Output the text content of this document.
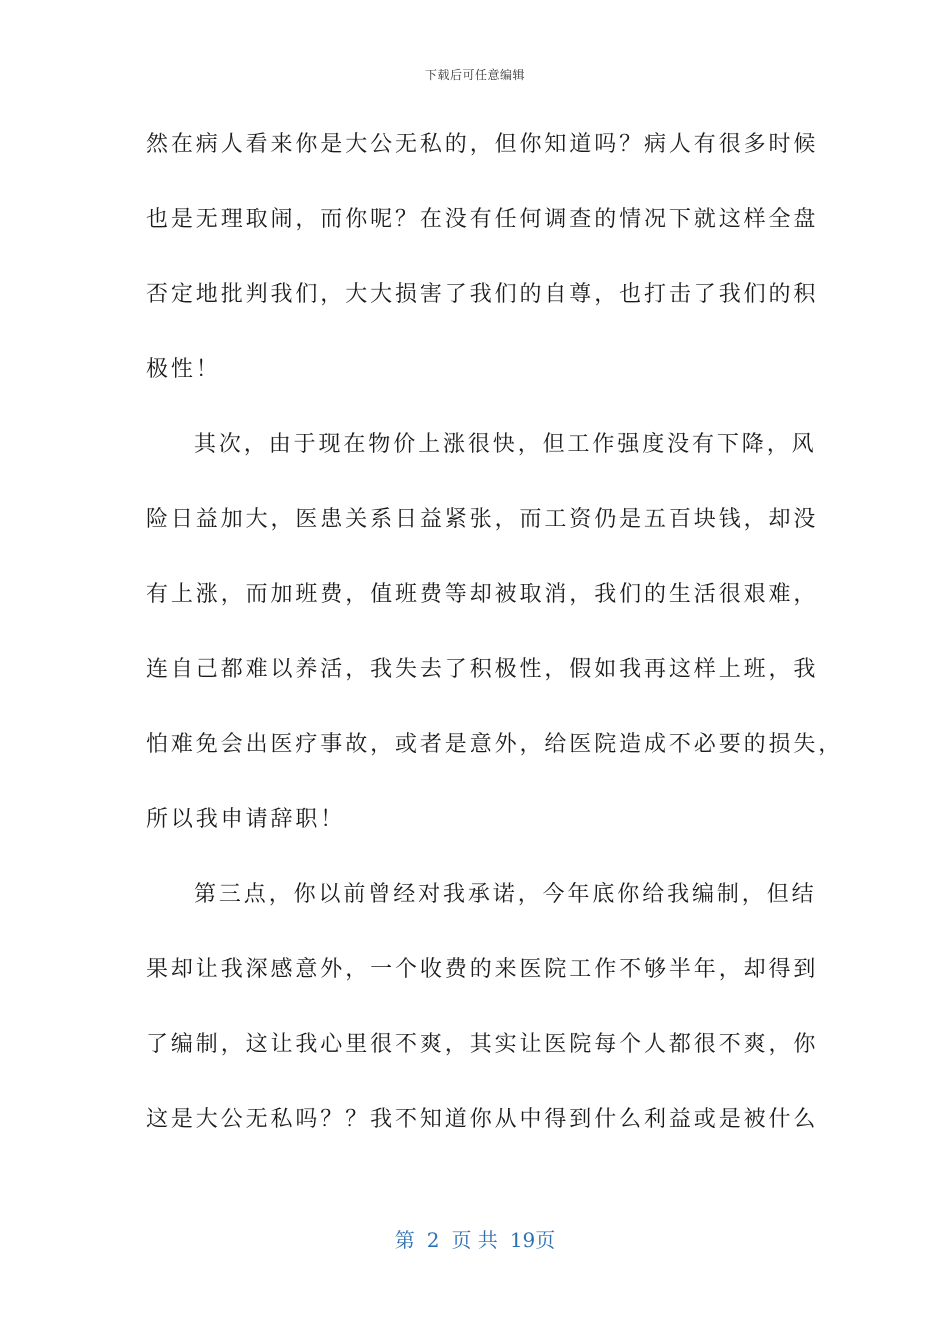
下载后可任意编辑
然在病人看来你是大公无私的，但你知道吗？病人有很多时候
也是无理取闹，而你呢？在没有任何调查的情况下就这样全盘
否定地批判我们，大大损害了我们的自尊，也打击了我们的积
极性！
其次，由于现在物价上涨很快，但工作强度没有下降，风
险日益加大，医患关系日益紧张，而工资仍是五百块钱，却没
有上涨，而加班费，值班费等却被取消，我们的生活很艰难，
连自己都难以养活，我失去了积极性，假如我再这样上班，我
怕难免会出医疗事故，或者是意外，给医院造成不必要的损失，
所以我申请辞职！
第三点，你以前曾经对我承诺，今年底你给我编制，但结
果却让我深感意外，一个收费的来医院工作不够半年，却得到
了编制，这让我心里很不爽，其实让医院每个人都很不爽，你
这是大公无私吗？？我不知道你从中得到什么利益或是被什么
第 2 页 共 19页
